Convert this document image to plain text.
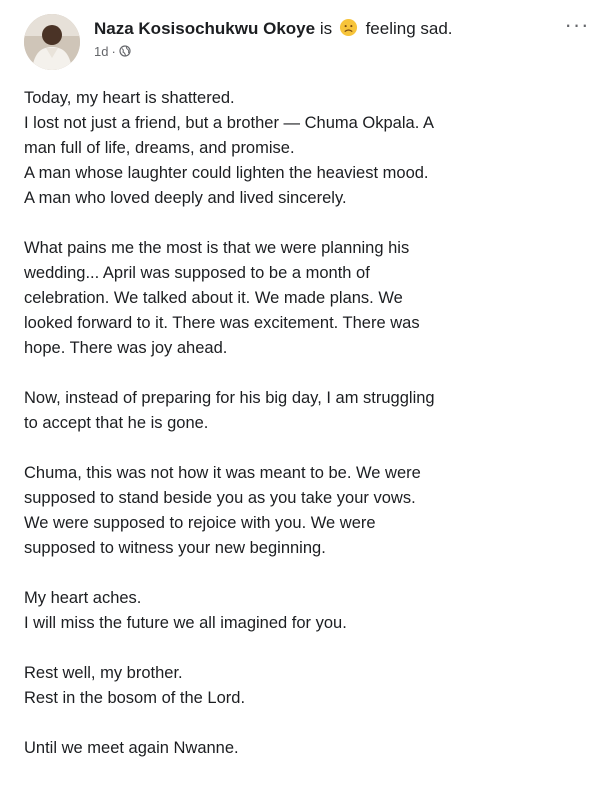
Naza Kosisochukwu Okoye is feeling sad.
1d ·
···
Today, my heart is shattered.
I lost not just a friend, but a brother — Chuma Okpala. A
man full of life, dreams, and promise.
A man whose laughter could lighten the heaviest mood.
A man who loved deeply and lived sincerely.
What pains me the most is that we were planning his
wedding... April was supposed to be a month of
celebration. We talked about it. We made plans. We
looked forward to it. There was excitement. There was
hope. There was joy ahead.
Now, instead of preparing for his big day, I am struggling
to accept that he is gone.
Chuma, this was not how it was meant to be. We were
supposed to stand beside you as you take your vows.
We were supposed to rejoice with you. We were
supposed to witness your new beginning.
My heart aches.
I will miss the future we all imagined for you.
Rest well, my brother.
Rest in the bosom of the Lord.
Until we meet again Nwanne.
